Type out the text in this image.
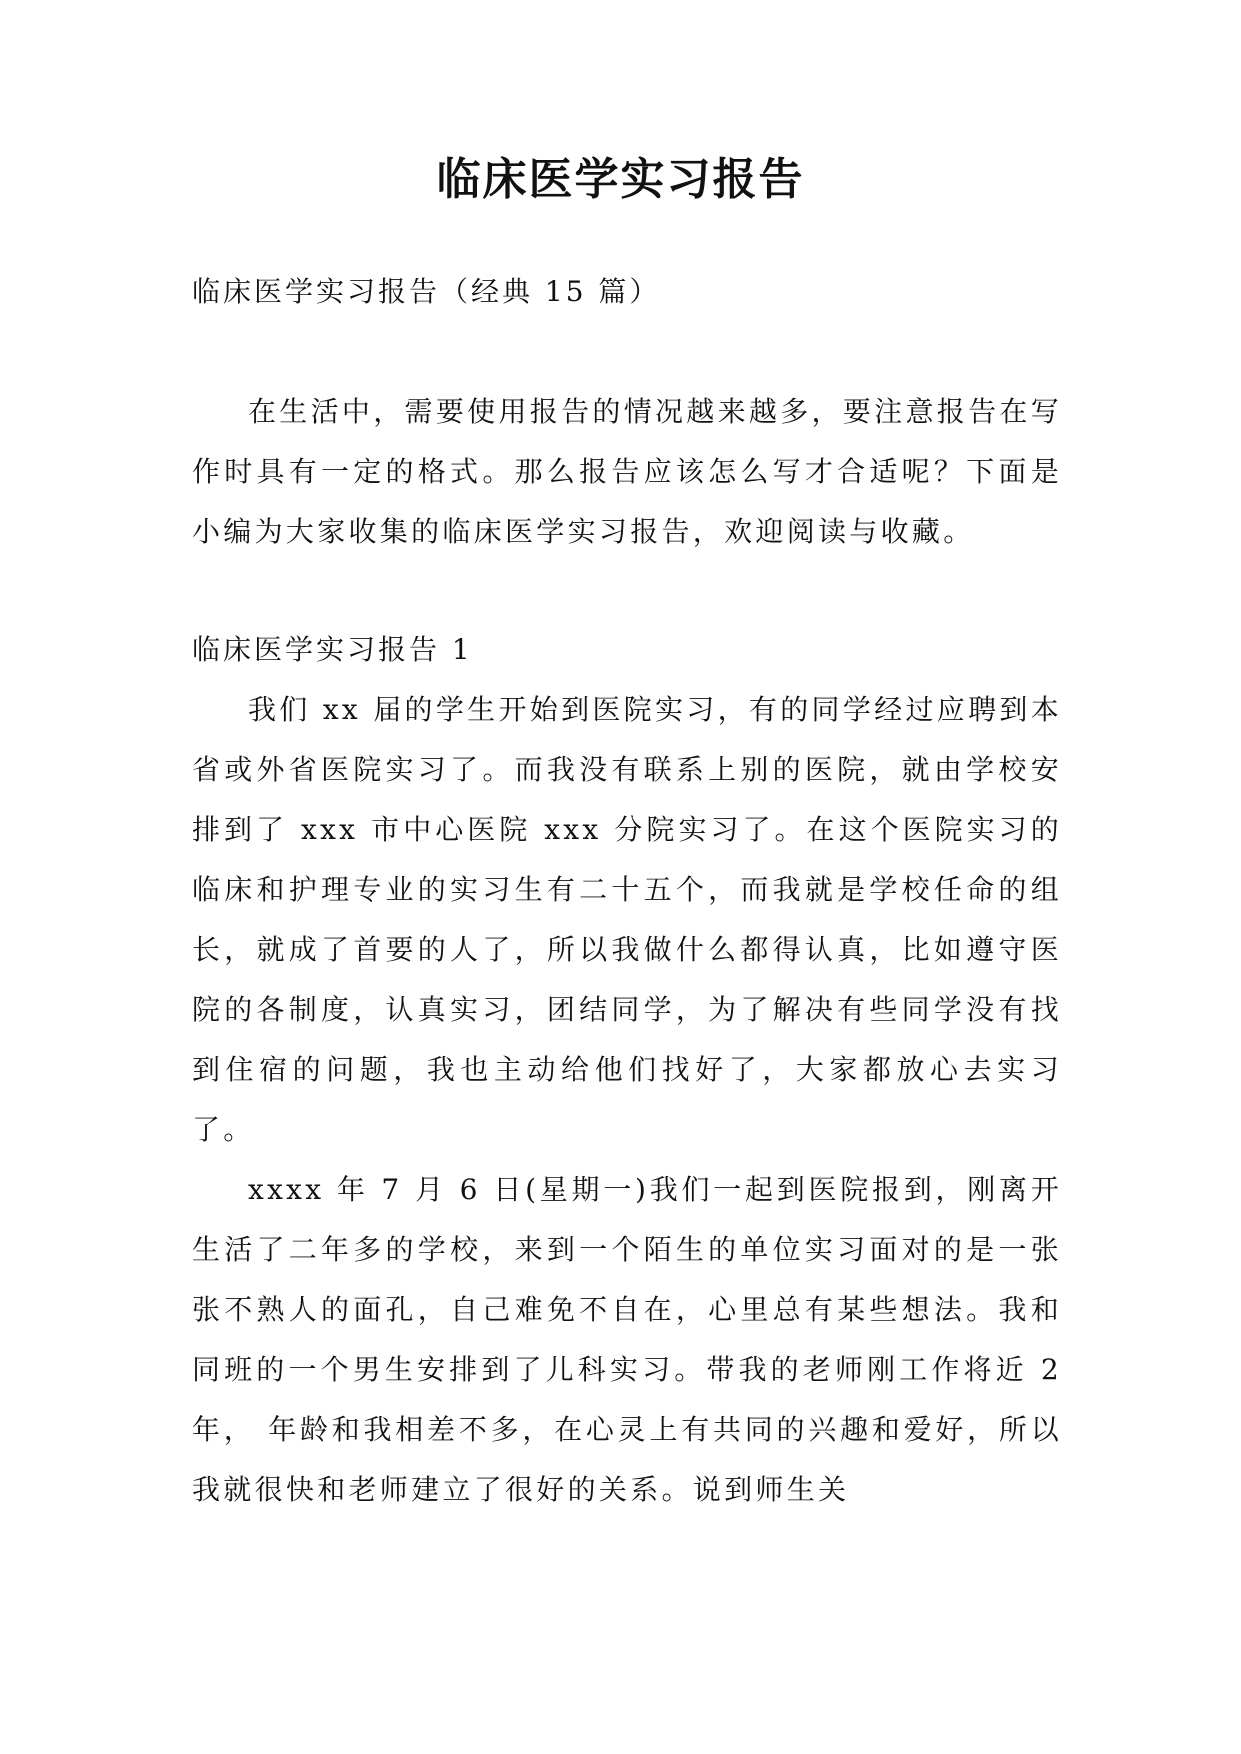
临床医学实习报告

临床医学实习报告（经典 15 篇）

在生活中，需要使用报告的情况越来越多，要注意报告在写作时具有一定的格式。那么报告应该怎么写才合适呢？下面是小编为大家收集的临床医学实习报告，欢迎阅读与收藏。

临床医学实习报告 1

我们 xx 届的学生开始到医院实习，有的同学经过应聘到本省或外省医院实习了。而我没有联系上别的医院，就由学校安排到了 xxx 市中心医院 xxx 分院实习了。在这个医院实习的临床和护理专业的实习生有二十五个，而我就是学校任命的组长，就成了首要的人了，所以我做什么都得认真，比如遵守医院的各制度，认真实习，团结同学，为了解决有些同学没有找到住宿的问题，我也主动给他们找好了，大家都放心去实习了。

xxxx 年 7 月 6 日(星期一)我们一起到医院报到，刚离开生活了二年多的学校，来到一个陌生的单位实习面对的是一张张不熟人的面孔，自己难免不自在，心里总有某些想法。我和同班的一个男生安排到了儿科实习。带我的老师刚工作将近 2 年， 年龄和我相差不多，在心灵上有共同的兴趣和爱好，所以我就很快和老师建立了很好的关系。说到师生关
